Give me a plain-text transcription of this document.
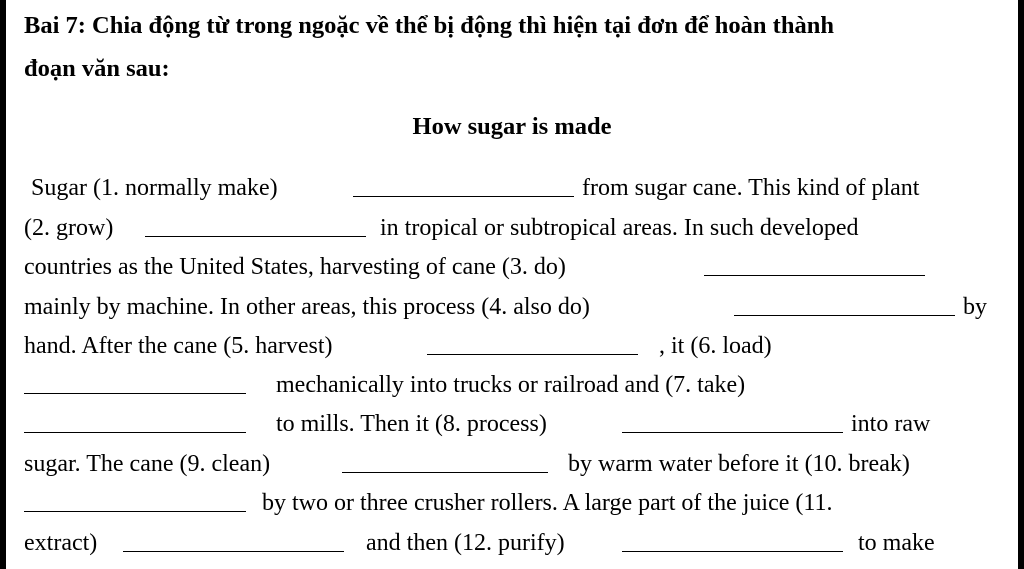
Bai 7: Chia động từ trong ngoặc về thể bị động thì hiện tại đơn để hoàn thành
đoạn văn sau:
How sugar is made
Sugar (1. normally make)	from sugar cane. This kind of plant
(2. grow)	in tropical or subtropical areas. In such developed
countries as the United States, harvesting of cane (3. do)
mainly by machine. In other areas, this process (4. also do)	by
hand. After the cane (5. harvest)	, it (6. load)
mechanically into trucks or railroad and (7. take)
to mills. Then it (8. process)	into raw
sugar. The cane (9. clean)	by warm water before it (10. break)
by two or three crusher rollers. A large part of the juice (11.
extract)	and then (12. purify)	to make
